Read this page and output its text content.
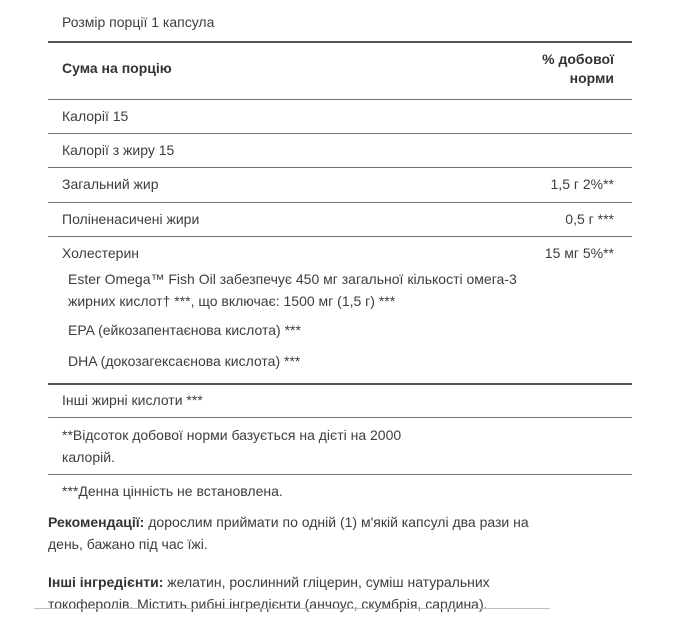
Розмір порції 1 капсула
Сума на порцію
% добової
норми
Калорії 15
Калорії з жиру 15
Загальний жир	1,5 г 2%**
Поліненасичені жири	0,5 г ***
Холестерин	15 мг 5%**
Ester Omega™ Fish Oil забезпечує 450 мг загальної кількості омега-3
жирних кислот† ***, що включає: 1500 мг (1,5 г) ***
EPA (ейкозапентаєнова кислота) ***
DHA (докозагексаєнова кислота) ***
Інші жирні кислоти ***
**Відсоток добової норми базується на дієті на 2000
калорій.
***Денна цінність не встановлена.
Рекомендації: дорослим приймати по одній (1) м'якій капсулі два рази на
день, бажано під час їжі.
Інші інгредієнти: желатин, рослинний гліцерин, суміш натуральних
токоферолів. Містить рибні інгредієнти (анчоус, скумбрія, сардина).
